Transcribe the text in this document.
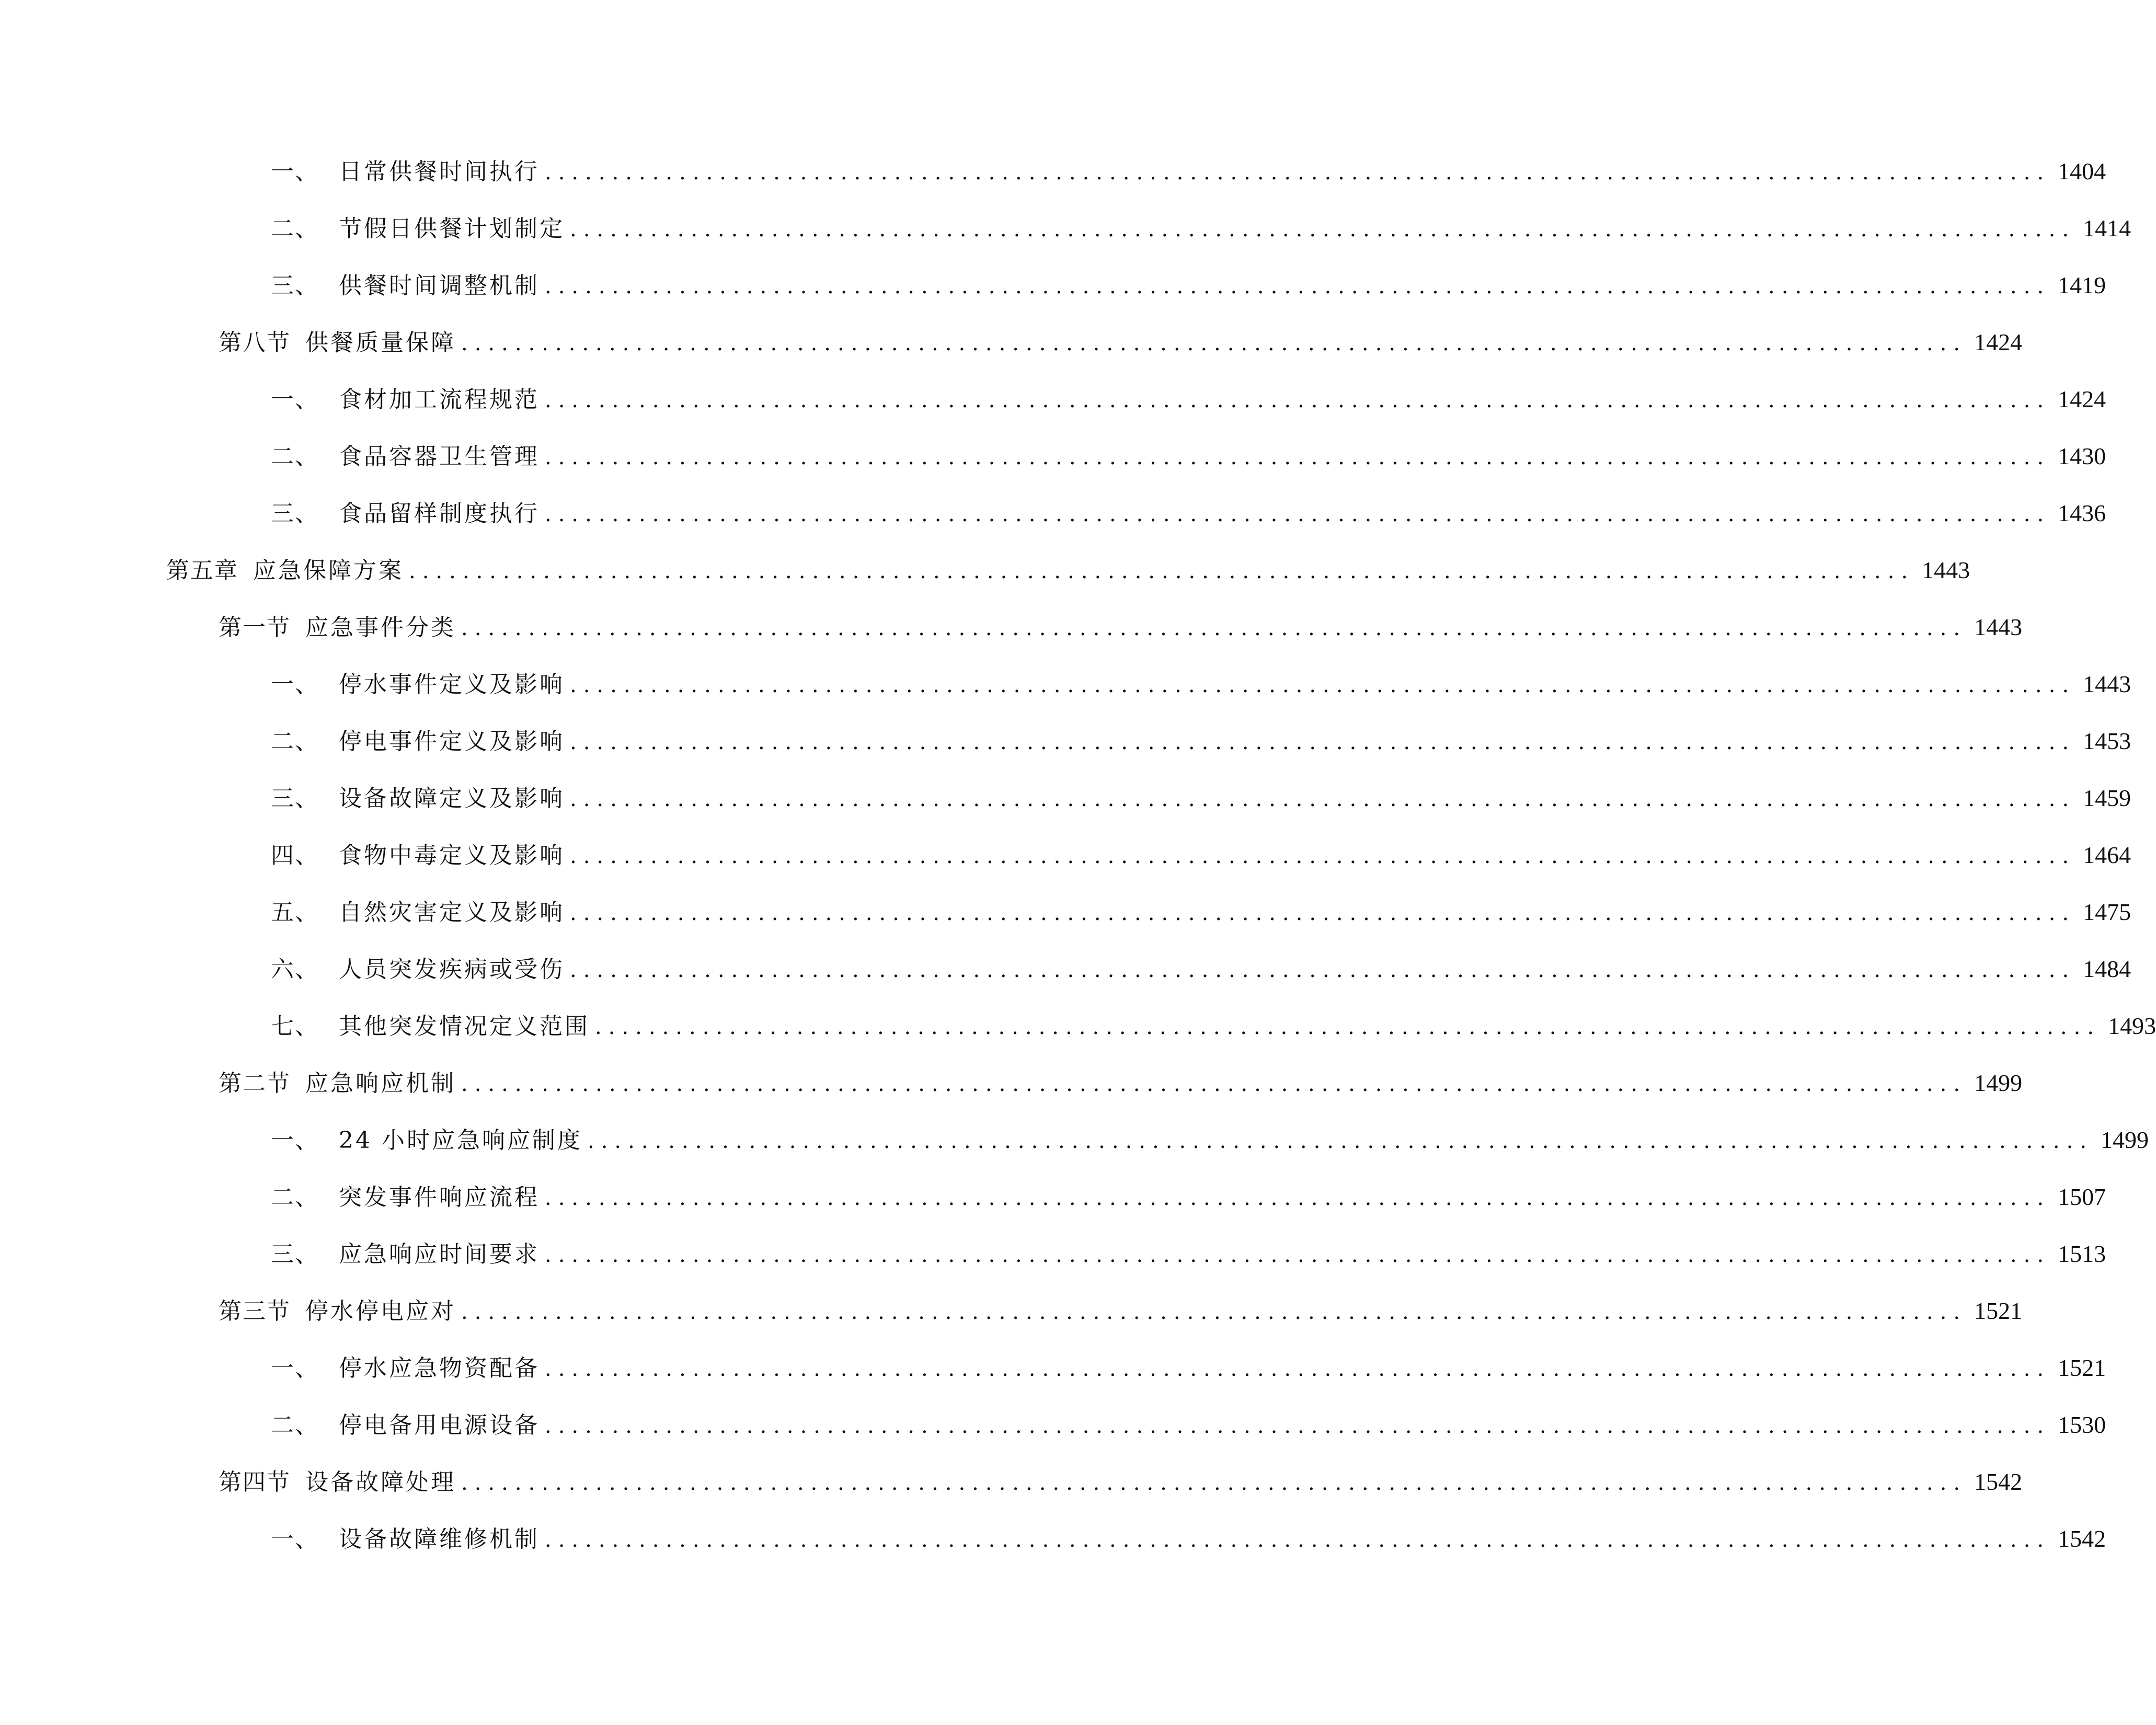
一、 日常供餐时间执行 ................................................................................................................ 1404
二、 节假日供餐计划制定 ................................................................................................................ 1414
三、 供餐时间调整机制 ................................................................................................................ 1419
第八节 供餐质量保障 ................................................................................................................ 1424
一、 食材加工流程规范 ................................................................................................................ 1424
二、 食品容器卫生管理 ................................................................................................................ 1430
三、 食品留样制度执行 ................................................................................................................ 1436
第五章 应急保障方案 ................................................................................................................ 1443
第一节 应急事件分类 ................................................................................................................ 1443
一、 停水事件定义及影响 ................................................................................................................ 1443
二、 停电事件定义及影响 ................................................................................................................ 1453
三、 设备故障定义及影响 ................................................................................................................ 1459
四、 食物中毒定义及影响 ................................................................................................................ 1464
五、 自然灾害定义及影响 ................................................................................................................ 1475
六、 人员突发疾病或受伤 ................................................................................................................ 1484
七、 其他突发情况定义范围 ................................................................................................................ 1493
第二节 应急响应机制 ................................................................................................................ 1499
一、 24 小时应急响应制度 ................................................................................................................ 1499
二、 突发事件响应流程 ................................................................................................................ 1507
三、 应急响应时间要求 ................................................................................................................ 1513
第三节 停水停电应对 ................................................................................................................ 1521
一、 停水应急物资配备 ................................................................................................................ 1521
二、 停电备用电源设备 ................................................................................................................ 1530
第四节 设备故障处理 ................................................................................................................ 1542
一、 设备故障维修机制 ................................................................................................................ 1542
